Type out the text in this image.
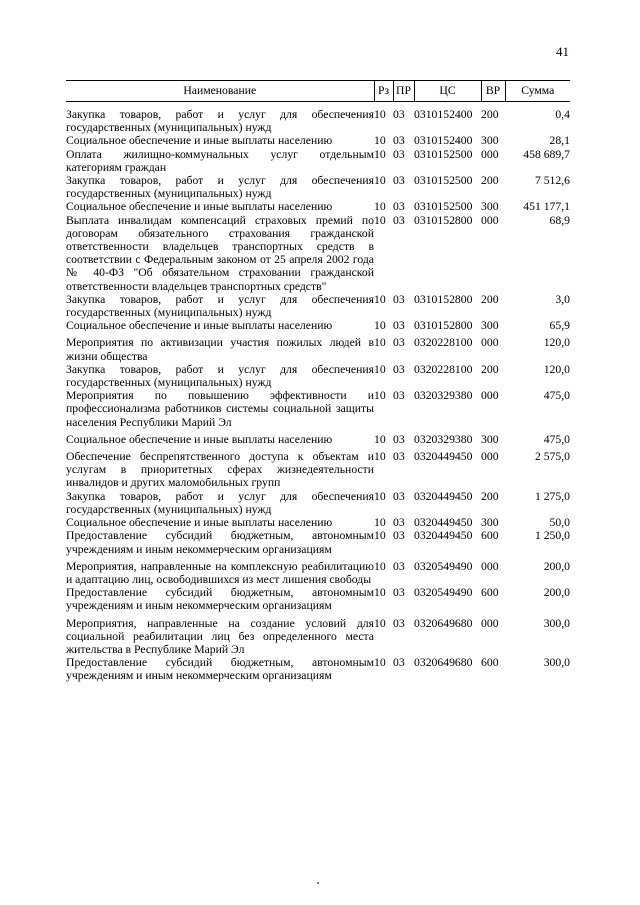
41
Наименование	Рз	ПР	ЦС	ВР	Сумма
Закупка товаров, работ и услуг для обеспечения государственных (муниципальных) нужд	10	03	0310152400	200	0,4
Социальное обеспечение и иные выплаты населению	10	03	0310152400	300	28,1
Оплата жилищно-коммунальных услуг отдельным категориям граждан	10	03	0310152500	000	458 689,7
Закупка товаров, работ и услуг для обеспечения государственных (муниципальных) нужд	10	03	0310152500	200	7 512,6
Социальное обеспечение и иные выплаты населению	10	03	0310152500	300	451 177,1
Выплата инвалидам компенсаций страховых премий по договорам обязательного страхования гражданской ответственности владельцев транспортных средств в соответствии с Федеральным законом от 25 апреля 2002 года № 40-ФЗ "Об обязательном страховании гражданской ответственности владельцев транспортных средств"	10	03	0310152800	000	68,9
Закупка товаров, работ и услуг для обеспечения государственных (муниципальных) нужд	10	03	0310152800	200	3,0
Социальное обеспечение и иные выплаты населению	10	03	0310152800	300	65,9
Мероприятия по активизации участия пожилых людей в жизни общества	10	03	0320228100	000	120,0
Закупка товаров, работ и услуг для обеспечения государственных (муниципальных) нужд	10	03	0320228100	200	120,0
Мероприятия по повышению эффективности и профессионализма работников системы социальной защиты населения Республики Марий Эл	10	03	0320329380	000	475,0
Социальное обеспечение и иные выплаты населению	10	03	0320329380	300	475,0
Обеспечение беспрепятственного доступа к объектам и услугам в приоритетных сферах жизнедеятельности инвалидов и других маломобильных групп	10	03	0320449450	000	2 575,0
Закупка товаров, работ и услуг для обеспечения государственных (муниципальных) нужд	10	03	0320449450	200	1 275,0
Социальное обеспечение и иные выплаты населению	10	03	0320449450	300	50,0
Предоставление субсидий бюджетным, автономным учреждениям и иным некоммерческим организациям	10	03	0320449450	600	1 250,0
Мероприятия, направленные на комплексную реабилитацию и адаптацию лиц, освободившихся из мест лишения свободы	10	03	0320549490	000	200,0
Предоставление субсидий бюджетным, автономным учреждениям и иным некоммерческим организациям	10	03	0320549490	600	200,0
Мероприятия, направленные на создание условий для социальной реабилитации лиц без определенного места жительства в Республике Марий Эл	10	03	0320649680	000	300,0
Предоставление субсидий бюджетным, автономным учреждениям и иным некоммерческим организациям	10	03	0320649680	600	300,0
